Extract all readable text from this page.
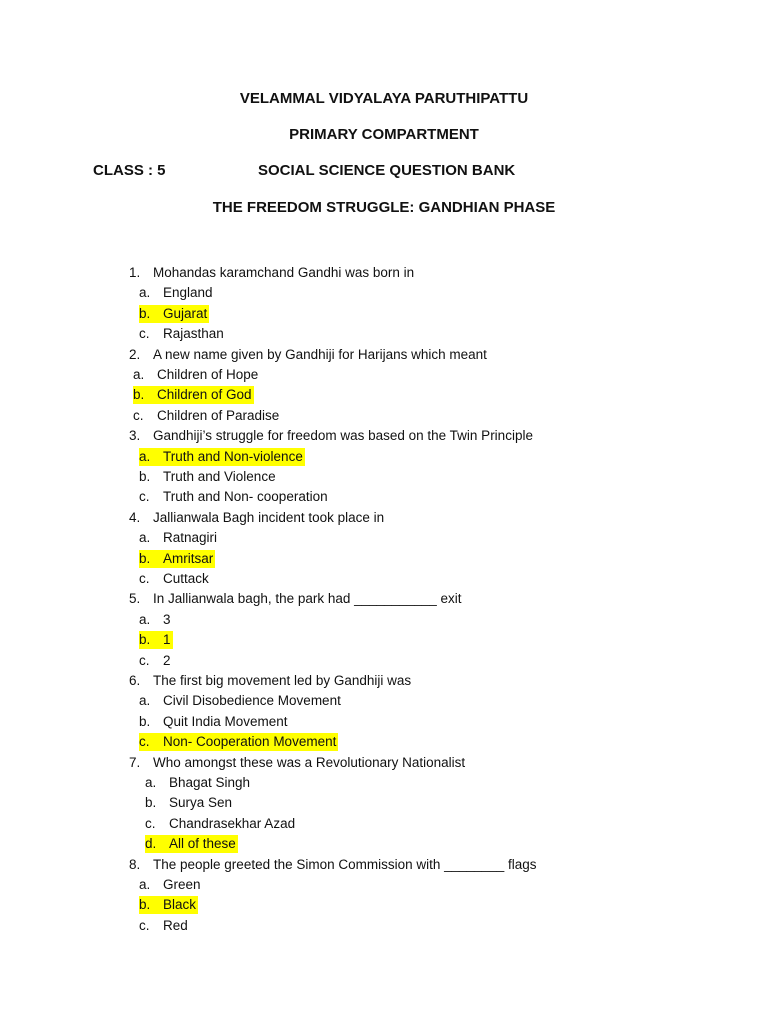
VELAMMAL VIDYALAYA PARUTHIPATTU
PRIMARY COMPARTMENT
CLASS : 5	SOCIAL SCIENCE QUESTION BANK
THE FREEDOM STRUGGLE: GANDHIAN PHASE
1. Mohandas karamchand Gandhi was born in
a. England
b. Gujarat
c. Rajasthan
2. A new name given by Gandhiji for Harijans which meant
a. Children of Hope
b. Children of God
c. Children of Paradise
3. Gandhiji’s struggle for freedom was based on the Twin Principle
a. Truth and Non-violence
b. Truth and Violence
c. Truth and Non- cooperation
4. Jallianwala Bagh incident took place in
a. Ratnagiri
b. Amritsar
c. Cuttack
5. In Jallianwala bagh, the park had ___________ exit
a. 3
b. 1
c. 2
6. The first big movement led by Gandhiji was
a. Civil Disobedience Movement
b. Quit India Movement
c. Non- Cooperation Movement
7. Who amongst these was a Revolutionary Nationalist
a. Bhagat Singh
b. Surya Sen
c. Chandrasekhar Azad
d. All of these
8. The people greeted the Simon Commission with ________ flags
a. Green
b. Black
c. Red
